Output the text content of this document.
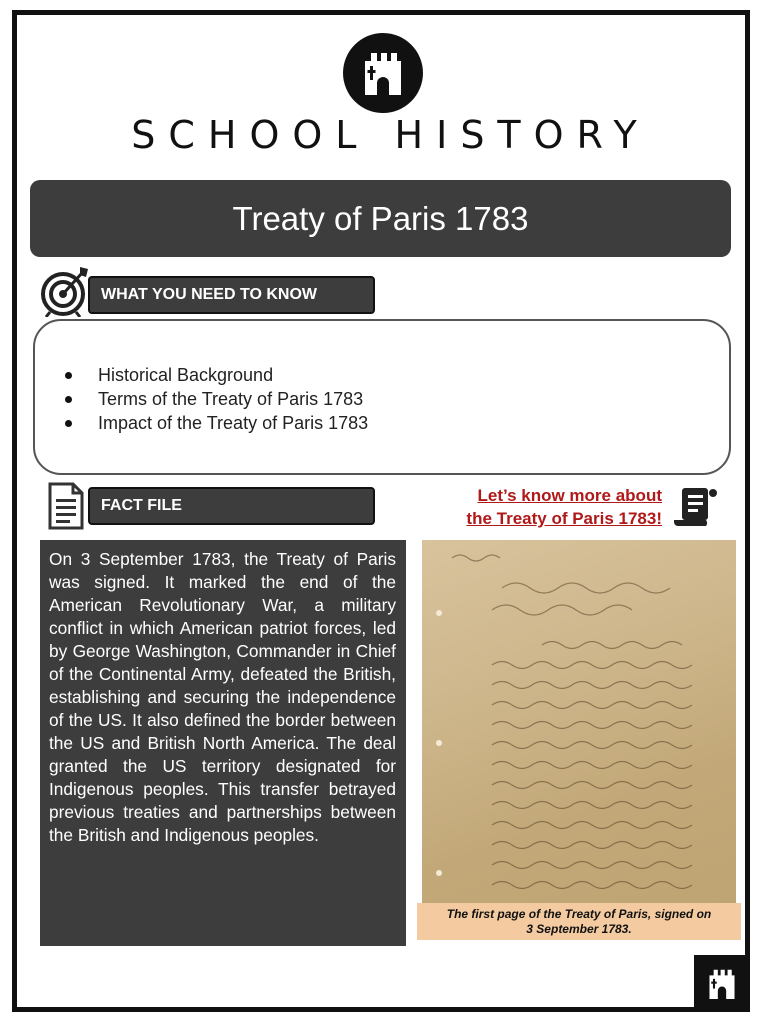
SCHOOL HISTORY
Treaty of Paris 1783
WHAT YOU NEED TO KNOW
Historical Background
Terms of the Treaty of Paris 1783
Impact of the Treaty of Paris 1783
FACT FILE
On 3 September 1783, the Treaty of Paris was signed. It marked the end of the American Revolutionary War, a military conflict in which American patriot forces, led by George Washington, Commander in Chief of the Continental Army, defeated the British, establishing and securing the independence of the US. It also defined the border between the US and British North America. The deal granted the US territory designated for Indigenous peoples. This transfer betrayed previous treaties and partnerships between the British and Indigenous peoples.
Let’s know more about
the Treaty of Paris 1783!
The first page of the Treaty of Paris, signed on
3 September 1783.
